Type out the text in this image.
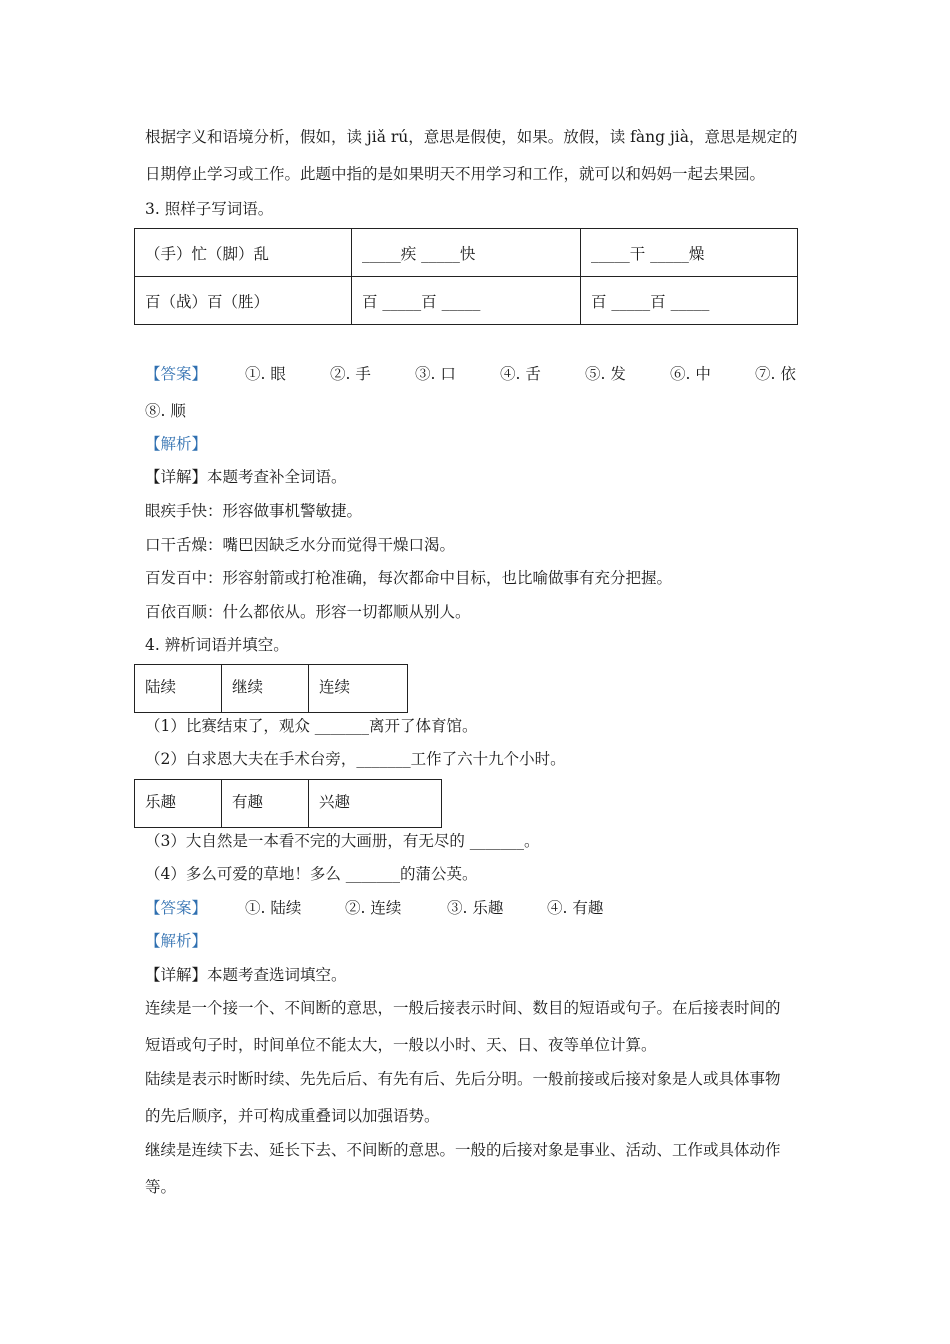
根据字义和语境分析，假如，读 jiǎ rú，意思是假使，如果。放假，读 fàng jià，意思是规定的
日期停止学习或工作。此题中指的是如果明天不用学习和工作，就可以和妈妈一起去果园。
3. 照样子写词语。
（手）忙（脚）乱	_____疾 _____快	_____干 _____燥
百（战）百（胜）	百 _____百 _____	百 _____百 _____
【答案】 ①. 眼	②. 手	③. 口	④. 舌	⑤. 发	⑥. 中	⑦. 依
⑧. 顺
【解析】
【详解】本题考查补全词语。
眼疾手快：形容做事机警敏捷。
口干舌燥：嘴巴因缺乏水分而觉得干燥口渴。
百发百中：形容射箭或打枪准确，每次都命中目标，也比喻做事有充分把握。
百依百顺：什么都依从。形容一切都顺从别人。
4. 辨析词语并填空。
陆续	继续	连续
（1）比赛结束了，观众 _______离开了体育馆。
（2）白求恩大夫在手术台旁，_______工作了六十九个小时。
乐趣	有趣	兴趣
（3）大自然是一本看不完的大画册，有无尽的 _______。
（4）多么可爱的草地！多么 _______的蒲公英。
【答案】 ①. 陆续	②. 连续	③. 乐趣	④. 有趣
【解析】
【详解】本题考查选词填空。
连续是一个接一个、不间断的意思，一般后接表示时间、数目的短语或句子。在后接表时间的
短语或句子时，时间单位不能太大，一般以小时、天、日、夜等单位计算。
陆续是表示时断时续、先先后后、有先有后、先后分明。一般前接或后接对象是人或具体事物
的先后顺序，并可构成重叠词以加强语势。
继续是连续下去、延长下去、不间断的意思。一般的后接对象是事业、活动、工作或具体动作
等。
